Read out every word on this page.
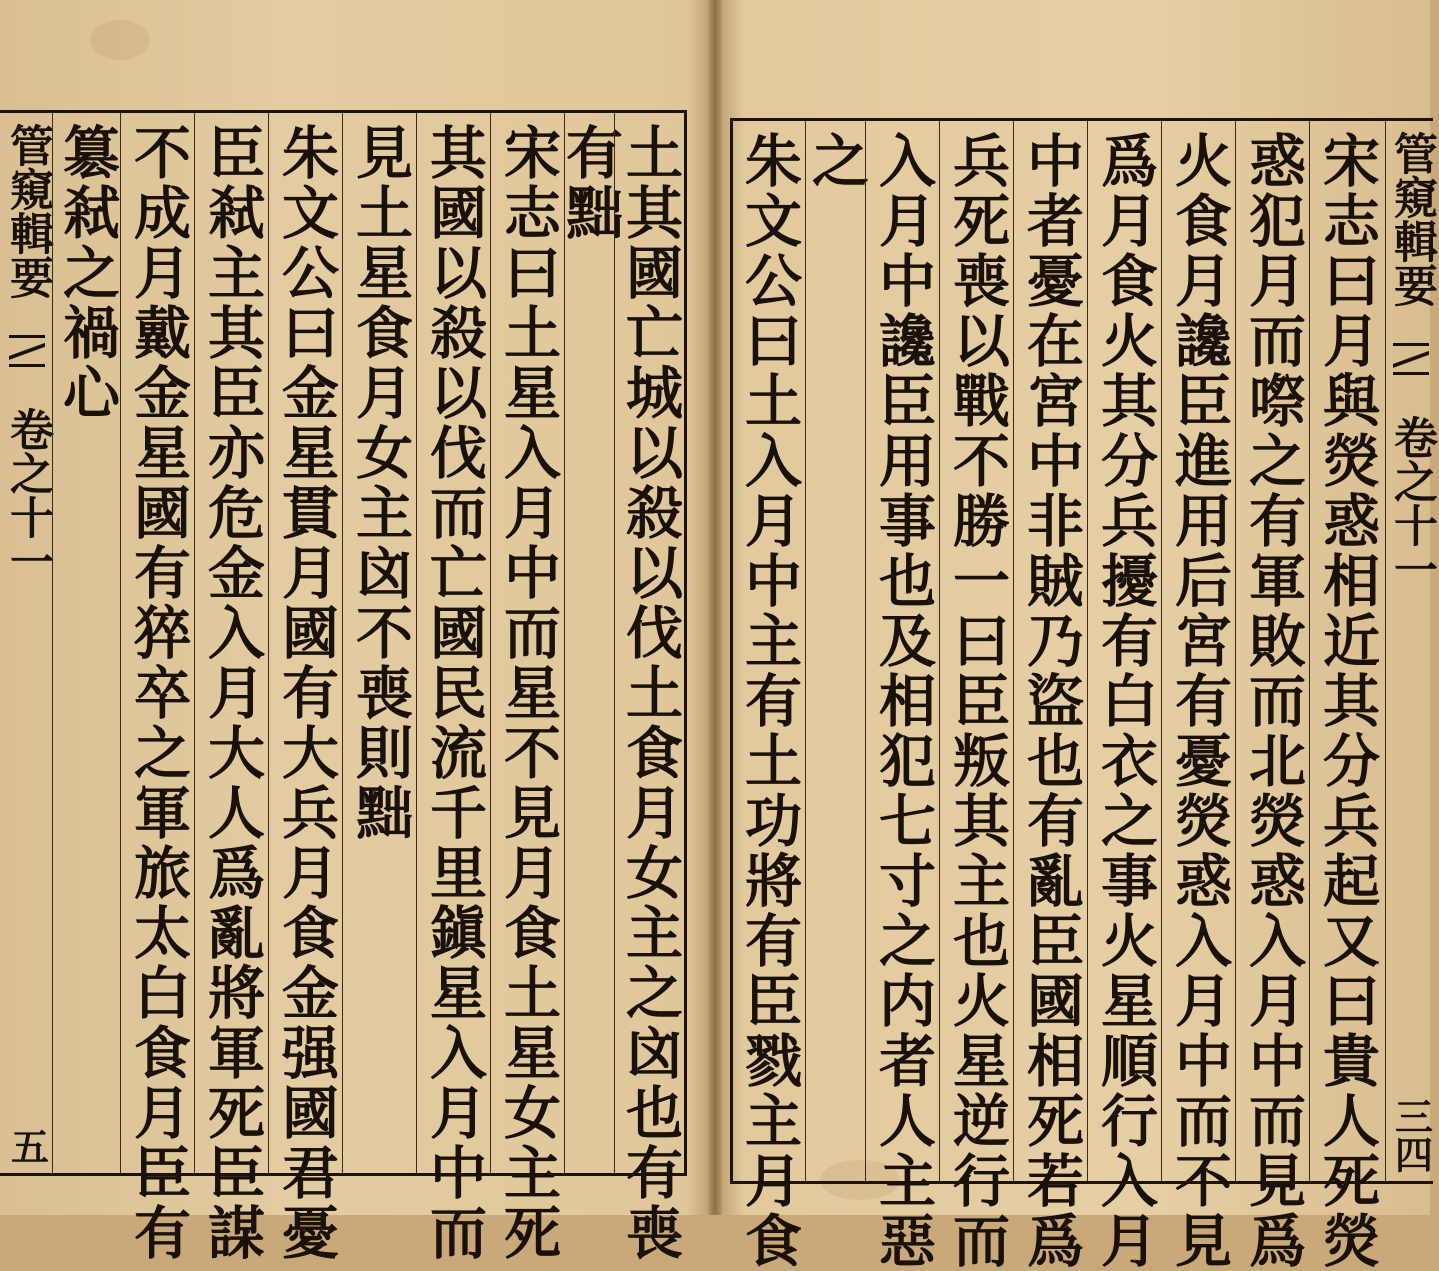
管窺輯要
卷之十一
五
簒弒之禍心 不成月戴金星國有猝卒之軍旅太白食月臣有 臣弒主其臣亦危金入月大人爲亂將軍死臣謀 朱文公曰金星貫月國有大兵月食金强國君憂 見土星食月女主㓙不喪則黜 其國以殺以伐而亡國民流千里鎭星入月中而 宋志曰土星入月中而星不見月食土星女主死
有黜
土其國亡城以殺以伐土食月女主之㓙也有喪 朱文公曰土入月中主有土功將有臣戮主月食 之 入月中讒臣用事也及相犯七寸之内者人主惡 兵死喪以戰不勝一曰臣叛其主也火星逆行而 中者憂在宮中非賊乃盜也有亂臣國相死若爲 爲月食火其分兵擾有白衣之事火星順行入月 火食月讒臣進用后宮有憂熒惑入月中而不見 惑犯月而㗫之有軍敗而北熒惑入月中而見爲 宋志曰月與熒惑相近其分兵起又曰貴人死熒 管窺輯要
卷之十一
三四
